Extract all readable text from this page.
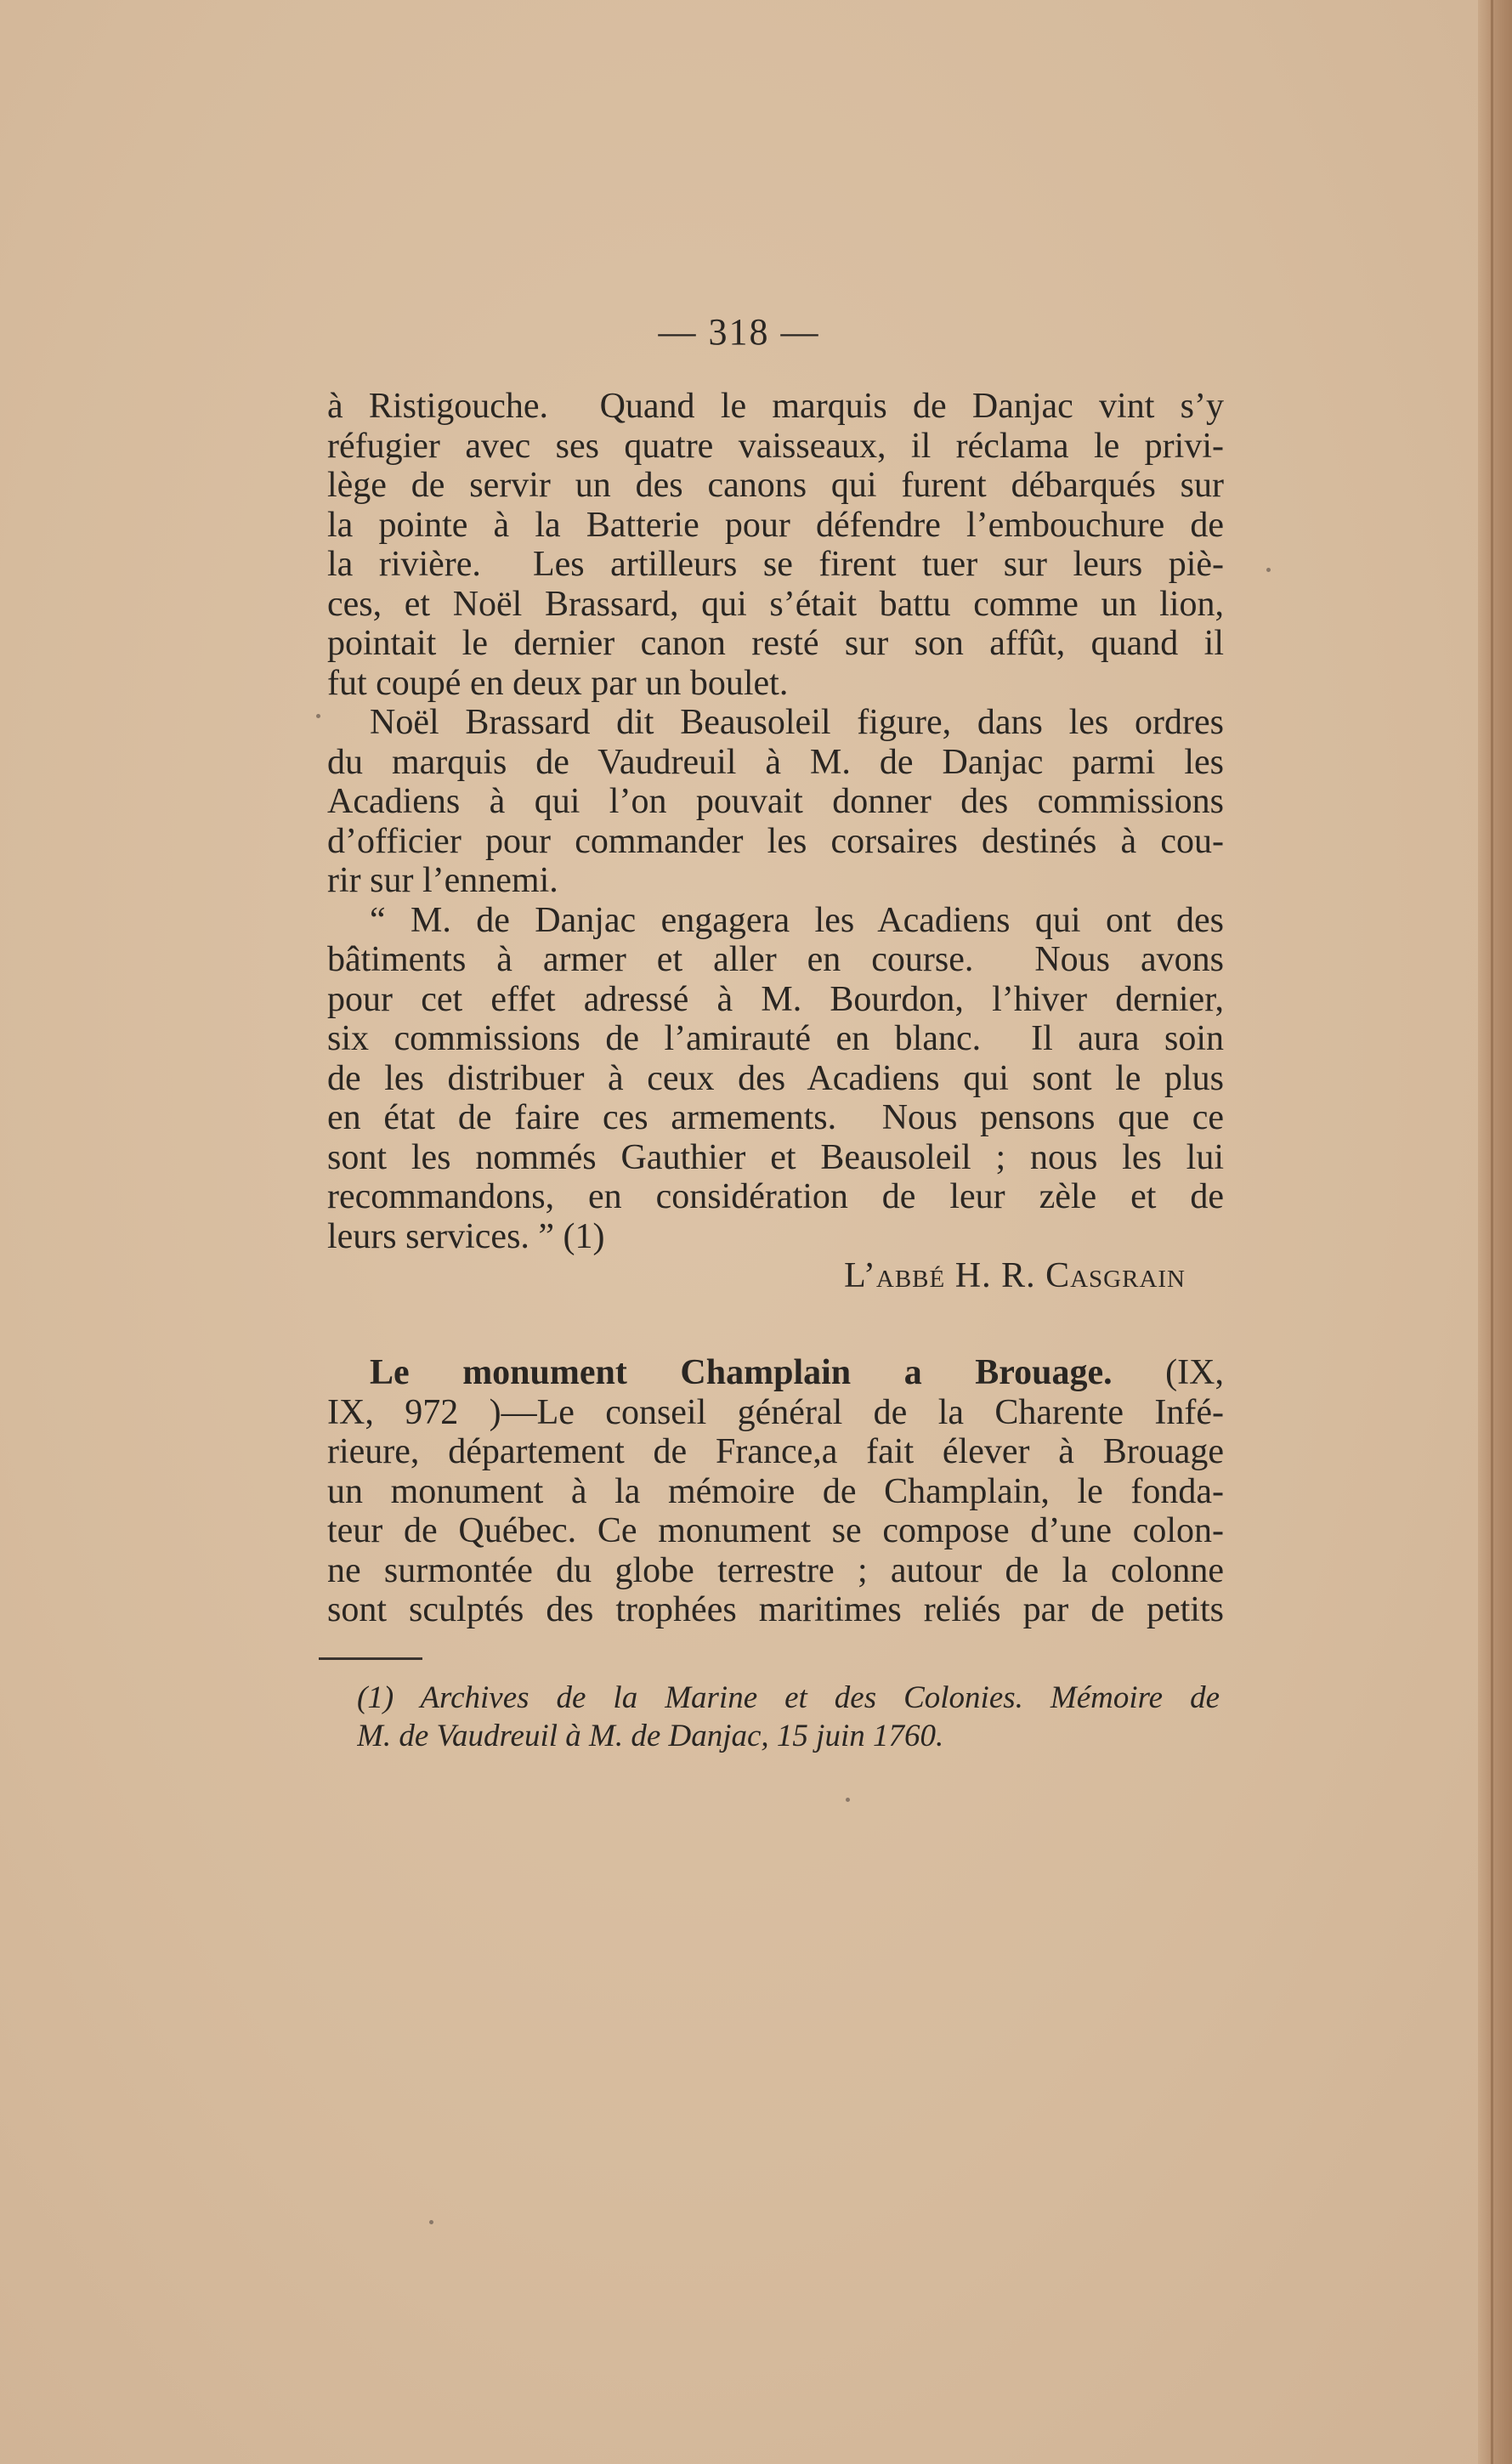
— 318 —
à Ristigouche.  Quand le marquis de Danjac vint s’y
réfugier avec ses quatre vaisseaux, il réclama le privi-
lège de servir un des canons qui furent débarqués sur
la pointe à la Batterie pour défendre l’embouchure de
la rivière.  Les artilleurs se firent tuer sur leurs piè-
ces, et Noël Brassard, qui s’était battu comme un lion,
pointait le dernier canon resté sur son affût, quand il
fut coupé en deux par un boulet.
Noël Brassard dit Beausoleil figure, dans les ordres
du marquis de Vaudreuil à M. de Danjac parmi les
Acadiens à qui l’on pouvait donner des commissions
d’officier pour commander les corsaires destinés à cou-
rir sur l’ennemi.
“ M. de Danjac engagera les Acadiens qui ont des
bâtiments à armer et aller en course.  Nous avons
pour cet effet adressé à M. Bourdon, l’hiver dernier,
six commissions de l’amirauté en blanc.  Il aura soin
de les distribuer à ceux des Acadiens qui sont le plus
en état de faire ces armements.  Nous pensons que ce
sont les nommés Gauthier et Beausoleil ; nous les lui
recommandons, en considération de leur zèle et de
leurs services. ” (1)
L’abbé H. R. Casgrain
Le monument Champlain a Brouage. (IX,
IX, 972 )—Le conseil général de la Charente Infé-
rieure, département de France,a fait élever à Brouage
un monument à la mémoire de Champlain, le fonda-
teur de Québec. Ce monument se compose d’une colon-
ne surmontée du globe terrestre ; autour de la colonne
sont sculptés des trophées maritimes reliés par de petits
(1) Archives de la Marine et des Colonies. Mémoire de
M. de Vaudreuil à M. de Danjac, 15 juin 1760.
